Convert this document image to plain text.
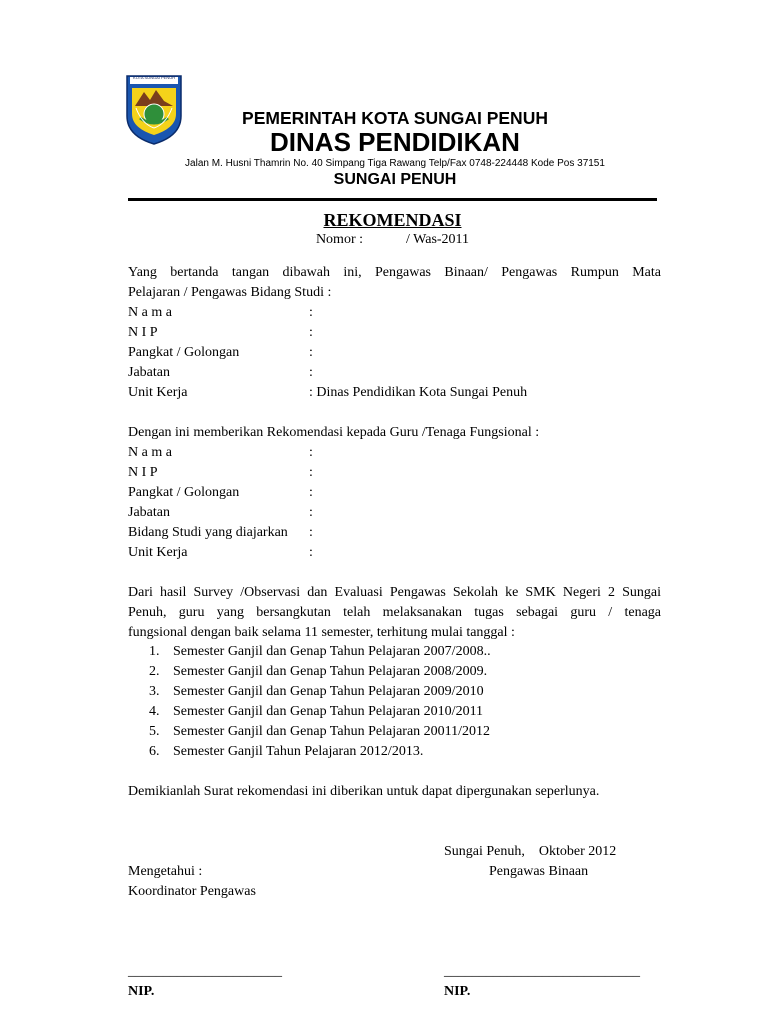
KOTA SUNGAI PENUH
PEMERINTAH KOTA SUNGAI PENUH
DINAS PENDIDIKAN
Jalan M. Husni Thamrin No. 40 Simpang Tiga Rawang Telp/Fax 0748-224448 Kode Pos 37151
SUNGAI PENUH
REKOMENDASI
Nomor :	/ Was-2011
Yang bertanda tangan dibawah ini, Pengawas Binaan/ Pengawas Rumpun Mata
Pelajaran / Pengawas Bidang Studi :
N a m a	:
N I P	:
Pangkat / Golongan	:
Jabatan	:
Unit Kerja	: Dinas Pendidikan Kota Sungai Penuh
Dengan ini memberikan Rekomendasi kepada Guru /Tenaga Fungsional :
N a m a	:
N I P	:
Pangkat / Golongan	:
Jabatan	:
Bidang Studi yang diajarkan :
Unit Kerja	:
Dari hasil Survey /Observasi dan Evaluasi Pengawas Sekolah ke SMK Negeri 2 Sungai
Penuh, guru yang bersangkutan telah melaksanakan tugas sebagai guru / tenaga
fungsional dengan baik selama 11 semester, terhitung mulai tanggal :
1. Semester Ganjil dan Genap Tahun Pelajaran 2007/2008..
2. Semester Ganjil dan Genap Tahun Pelajaran 2008/2009.
3. Semester Ganjil dan Genap Tahun Pelajaran 2009/2010
4. Semester Ganjil dan Genap Tahun Pelajaran 2010/2011
5. Semester Ganjil dan Genap Tahun Pelajaran 20011/2012
6. Semester Ganjil Tahun Pelajaran 2012/2013.
Demikianlah Surat rekomendasi ini diberikan untuk dapat dipergunakan seperlunya.
Sungai Penuh,    Oktober 2012
Pengawas Binaan
Mengetahui :
Koordinator Pengawas
______________________	____________________________
NIP.	NIP.
